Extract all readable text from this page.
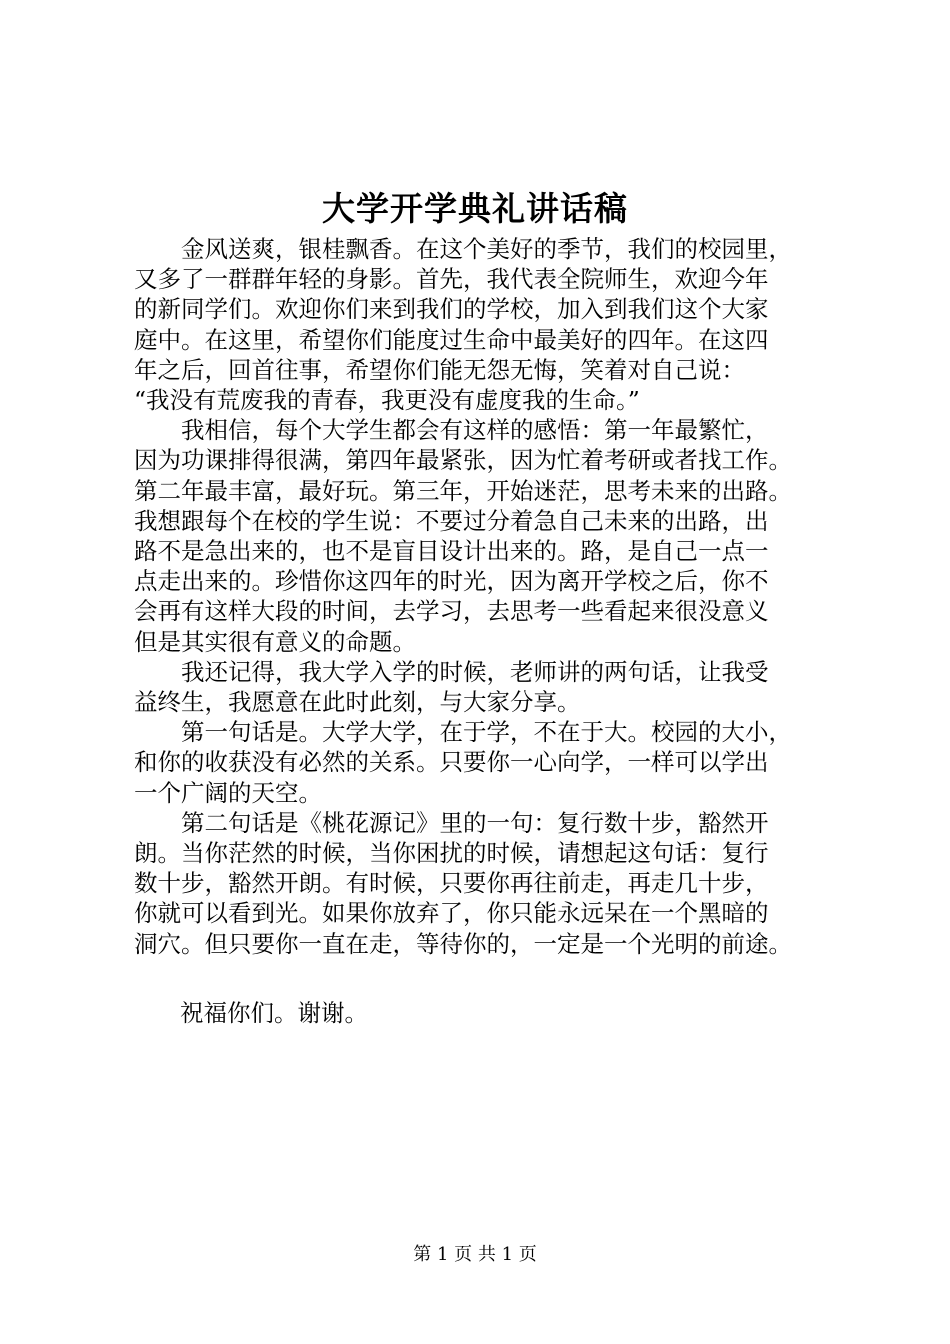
大学开学典礼讲话稿

金风送爽，银桂飘香。在这个美好的季节，我们的校园里，
又多了一群群年轻的身影。首先，我代表全院师生，欢迎今年
的新同学们。欢迎你们来到我们的学校，加入到我们这个大家
庭中。在这里，希望你们能度过生命中最美好的四年。在这四
年之后，回首往事，希望你们能无怨无悔，笑着对自己说：
“我没有荒废我的青春，我更没有虚度我的生命。”

我相信，每个大学生都会有这样的感悟：第一年最繁忙，
因为功课排得很满，第四年最紧张，因为忙着考研或者找工作。
第二年最丰富，最好玩。第三年，开始迷茫，思考未来的出路。
我想跟每个在校的学生说：不要过分着急自己未来的出路，出
路不是急出来的，也不是盲目设计出来的。路，是自己一点一
点走出来的。珍惜你这四年的时光，因为离开学校之后，你不
会再有这样大段的时间，去学习，去思考一些看起来很没意义
但是其实很有意义的命题。

我还记得，我大学入学的时候，老师讲的两句话，让我受
益终生，我愿意在此时此刻，与大家分享。

第一句话是。大学大学，在于学，不在于大。校园的大小，
和你的收获没有必然的关系。只要你一心向学，一样可以学出
一个广阔的天空。

第二句话是《桃花源记》里的一句：复行数十步，豁然开
朗。当你茫然的时候，当你困扰的时候，请想起这句话：复行
数十步，豁然开朗。有时候，只要你再往前走，再走几十步，
你就可以看到光。如果你放弃了，你只能永远呆在一个黑暗的
洞穴。但只要你一直在走，等待你的，一定是一个光明的前途。

祝福你们。谢谢。
第 1 页 共 1 页
